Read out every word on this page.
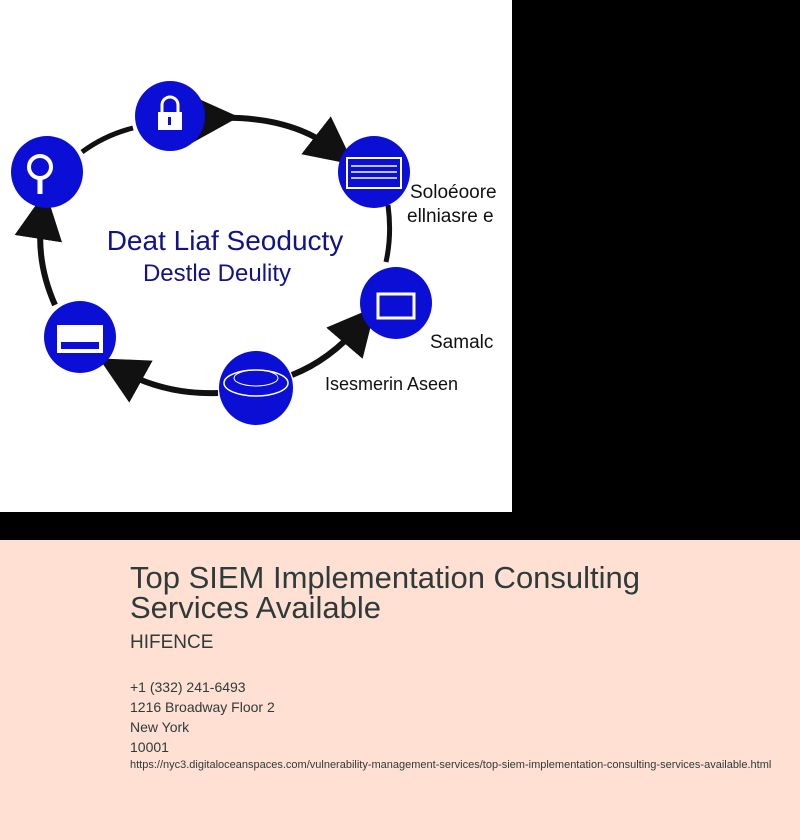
Deat Liaf Seoducty
Destle Deulity
Isesmerin Aseen
Soloéoore
ellniasre e
Samalc
Top SIEM Implementation Consulting Services Available
HIFENCE
+1 (332) 241-6493
1216 Broadway Floor 2
New York
10001
https://nyc3.digitaloceanspaces.com/vulnerability-management-services/top-siem-implementation-consulting-services-available.html
